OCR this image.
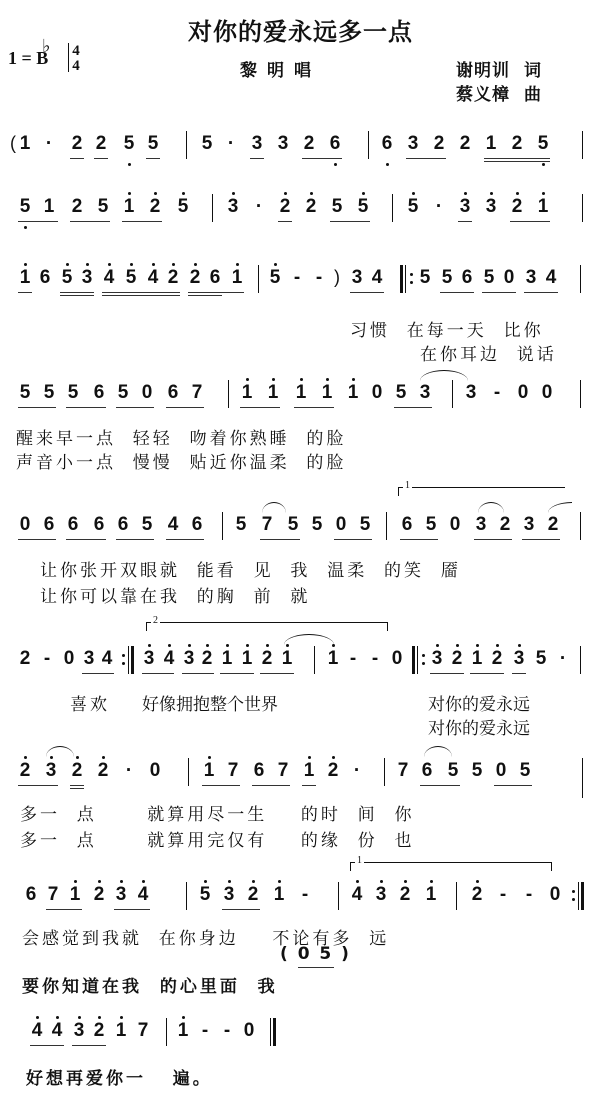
对你的爱永远多一点
1 = B
♭ 4
4	黎明唱	谢明训 词
蔡义樟 曲
( 1 · 2 2 5 5 5 · 3 3 2 6 6 3 2 2 1 2 5
5 1 2 5 1 2 5 3 · 2 2 5 5 5 · 3 3 2 1
1 6 5 3 4 5 4 2 2 6 1 5 - - ) 3 4 5 5 6 5 0 3 4
习惯  在每一天  比你
在你耳边  说话
5 5 5 6 5 0 6 7 1 1 1 1 1 0 5 3 3 - 0 0
醒来早一点  轻轻  吻着你熟睡  的脸
声音小一点  慢慢  贴近你温柔  的脸
1
0 6 6 6 6 5 4 6 5 7 5 5 0 5 6 5 0 3 2 3 2
让你张开双眼就  能看  见  我  温柔  的笑  靥
让你可以靠在我  的胸  前  就
2
2 - 0 3 4 3 4 3 2 1 1 2 1 1 - - 0 3 2 1 2 3 5 ·
喜欢 好像拥抱整个世界	对你的爱永远
对你的爱永远
2 3 2 2 · 0 1 7 6 7 1 2 · 7 6 5 5 0 5
多一  点      就算用尽一生    的时  间  你
多一  点      就算用完仅有    的缘  份  也
1
6 7 1 2 3 4	5 3 2 1 - 4 3 2 1 2 - - 0
会感觉到我就  在你身边    不论有多  远
( 0 5 )
要你知道在我  的心里面  我
4 4 3 2 1 7 1 - - 0
好想再爱你一   遍。
